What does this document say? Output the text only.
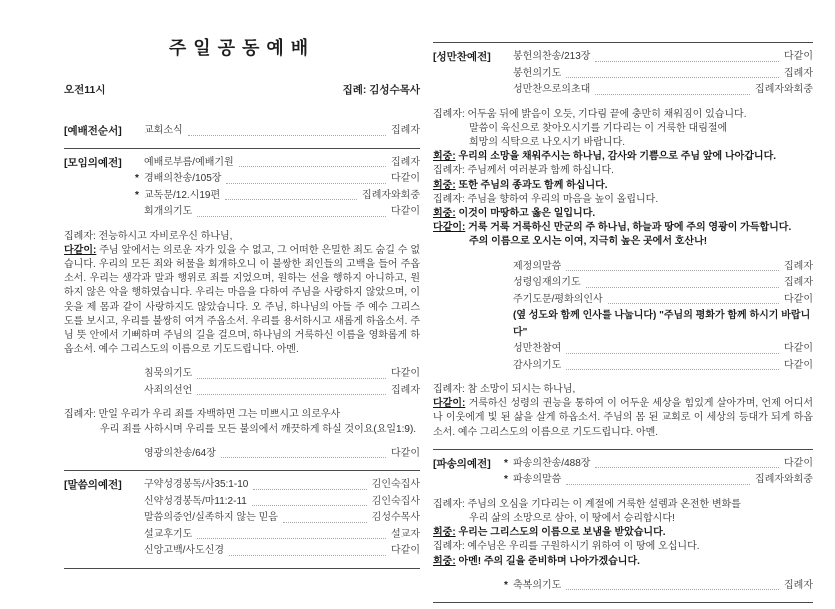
주일공동예배
오전11시	집례: 김성수목사
[예배전순서]	교회소식	집례자
[모임의예전]	예배로부름/예배기원	집례자
* 경배의찬송/105장	다같이
* 교독문/12.시19편	집례자와회중
회개의기도	다같이
집례자: 전능하시고 자비로우신 하나님,
다같이: 주님 앞에서는 의로운 자가 있을 수 없고, 그 어떠한 은밀한 죄도 숨길 수 없습니다. 우리의 모든 죄와 허물을 회개하오니 이 불쌍한 죄인들의 고백을 들어 주옵소서. 우리는 생각과 말과 행위로 죄를 지었으며, 원하는 선을 행하지 아니하고, 원하지 않은 악을 행하였습니다. 우리는 마음을 다하여 주님을 사랑하지 않았으며, 이웃을 제 몸과 같이 사랑하지도 않았습니다. 오 주님, 하나님의 아들 주 예수 그리스도를 보시고, 우리를 불쌍히 여겨 주옵소서. 우리를 용서하시고 새롭게 하옵소서. 주님 뜻 안에서 기뻐하며 주님의 길을 걸으며, 하나님의 거룩하신 이름을 영화롭게 하옵소서. 예수 그리스도의 이름으로 기도드립니다. 아멘.
침묵의기도	다같이
사죄의선언	집례자
집례자: 만일 우리가 우리 죄를 자백하면 그는 미쁘시고 의로우사
우리 죄를 사하시며 우리를 모든 불의에서 깨끗하게 하실 것이요(요일1:9).
영광의찬송/64장	다같이
[말씀의예전]	구약성경봉독/사35:1-10	김인숙집사
신약성경봉독/마11:2-11	김인숙집사
말씀의증언/실족하지 않는 믿음	김성수목사
설교후기도	설교자
신앙고백/사도신경	다같이
[성만찬예전]	봉헌의찬송/213장	다같이
봉헌의기도	집례자
성만찬으로의초대	집례자와회중
집례자: 어두움 뒤에 밝음이 오듯, 기다림 끝에 충만히 채워짐이 있습니다.
말씀이 육신으로 찾아오시기를 기다리는 이 거룩한 대림절에
희망의 식탁으로 나오시기 바랍니다.
회중: 우리의 소망을 채워주시는 하나님, 감사와 기쁨으로 주님 앞에 나아갑니다.
집례자: 주님께서 여러분과 함께 하십니다.
회중: 또한 주님의 종과도 함께 하십니다.
집례자: 주님을 향하여 우리의 마음을 높이 올립니다.
회중: 이것이 마땅하고 옳은 일입니다.
다같이: 거룩 거룩 거룩하신 만군의 주 하나님, 하늘과 땅에 주의 영광이 가득합니다.
주의 이름으로 오시는 이여, 지극히 높은 곳에서 호산나!
제정의말씀	집례자
성령임재의기도	집례자
주기도문/평화의인사	다같이
(옆 성도와 함께 인사를 나눕니다) "주님의 평화가 함께 하시기 바랍니다"
성만찬참여	다같이
감사의기도	다같이
집례자: 참 소망이 되시는 하나님,
다같이: 거룩하신 성령의 권능을 통하여 이 어두운 세상을 힘있게 살아가며, 언제 어디서나 이웃에게 빛 된 삶을 살게 하옵소서. 주님의 몸 된 교회로 이 세상의 등대가 되게 하옵소서. 예수 그리스도의 이름으로 기도드립니다. 아멘.
[파송의예전]	* 파송의찬송/488장	다같이
* 파송의말씀	집례자와회중
집례자: 주님의 오심을 기다리는 이 계절에 거룩한 설렘과 온전한 변화를
우리 삶의 소망으로 삼아, 이 땅에서 승리합시다!
회중: 우리는 그리스도의 이름으로 보냄을 받았습니다.
집례자: 예수님은 우리를 구원하시기 위하여 이 땅에 오십니다.
회중: 아멘! 주의 길을 준비하며 나아가겠습니다.
* 축복의기도	집례자
